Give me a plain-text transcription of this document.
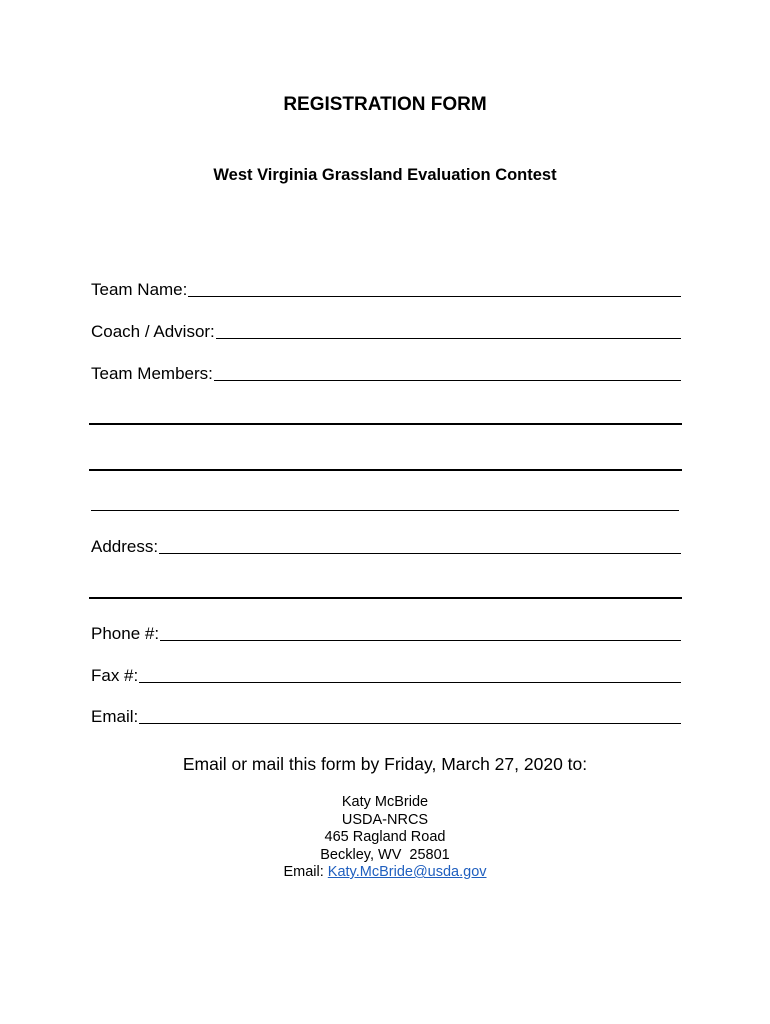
REGISTRATION FORM
West Virginia Grassland Evaluation Contest
Team Name:
Coach / Advisor:
Team Members:
Address:
Phone #:
Fax #:
Email:
Email or mail this form by Friday, March 27, 2020 to:
Katy McBride
USDA-NRCS
465 Ragland Road
Beckley, WV  25801
Email: Katy.McBride@usda.gov
